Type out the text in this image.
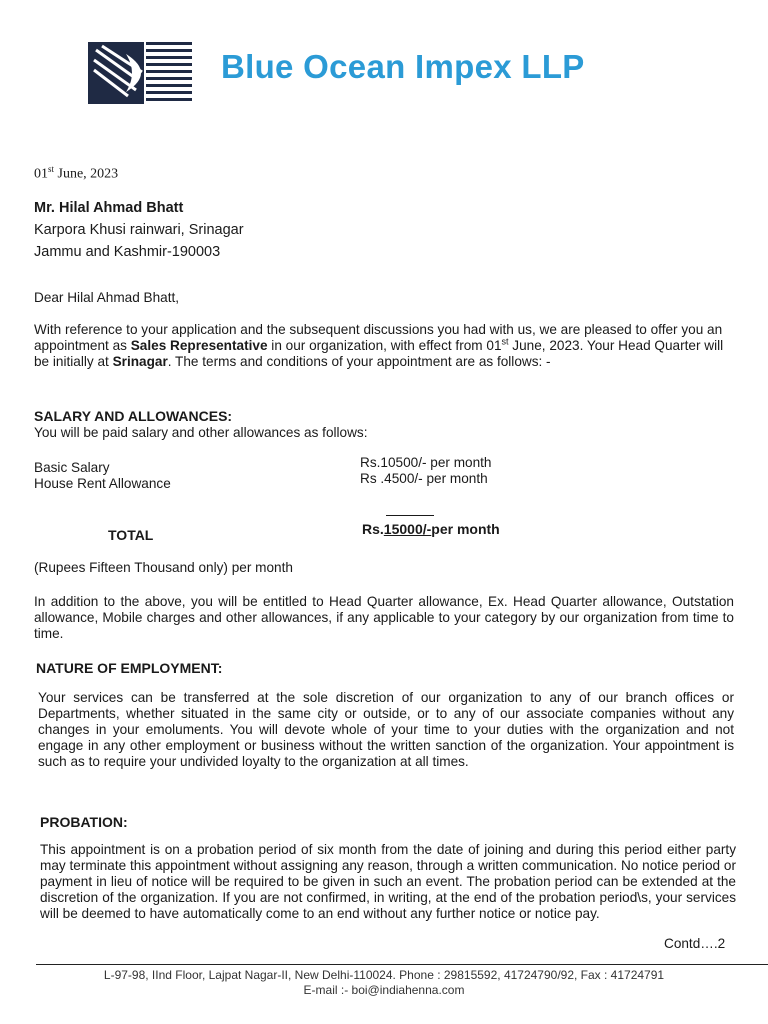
Blue Ocean Impex LLP
01st June, 2023
Mr. Hilal Ahmad Bhatt
Karpora Khusi rainwari, Srinagar
Jammu and Kashmir-190003
Dear Hilal Ahmad Bhatt,
With reference to your application and the subsequent discussions you had with us, we are pleased to offer you an appointment as Sales Representative in our organization, with effect from 01st June, 2023. Your Head Quarter will be initially at Srinagar. The terms and conditions of your appointment are as follows: -
SALARY AND ALLOWANCES:
You will be paid salary and other allowances as follows:
Basic Salary	Rs.10500/- per month
House Rent Allowance	Rs .4500/- per month
TOTAL	Rs.15000/-per month
(Rupees Fifteen Thousand only) per month
In addition to the above, you will be entitled to Head Quarter allowance, Ex. Head Quarter allowance, Outstation allowance, Mobile charges and other allowances, if any applicable to your category by our organization from time to time.
NATURE OF EMPLOYMENT:
Your services can be transferred at the sole discretion of our organization to any of our branch offices or Departments, whether situated in the same city or outside, or to any of our associate companies without any changes in your emoluments. You will devote whole of your time to your duties with the organization and not engage in any other employment or business without the written sanction of the organization. Your appointment is such as to require your undivided loyalty to the organization at all times.
PROBATION:
This appointment is on a probation period of six month from the date of joining and during this period either party may terminate this appointment without assigning any reason, through a written communication. No notice period or payment in lieu of notice will be required to be given in such an event. The probation period can be extended at the discretion of the organization. If you are not confirmed, in writing, at the end of the probation period\s, your services will be deemed to have automatically come to an end without any further notice or notice pay.
Contd….2
L-97-98, IInd Floor, Lajpat Nagar-II, New Delhi-110024. Phone : 29815592, 41724790/92, Fax : 41724791
E-mail :- boi@indiahenna.com
